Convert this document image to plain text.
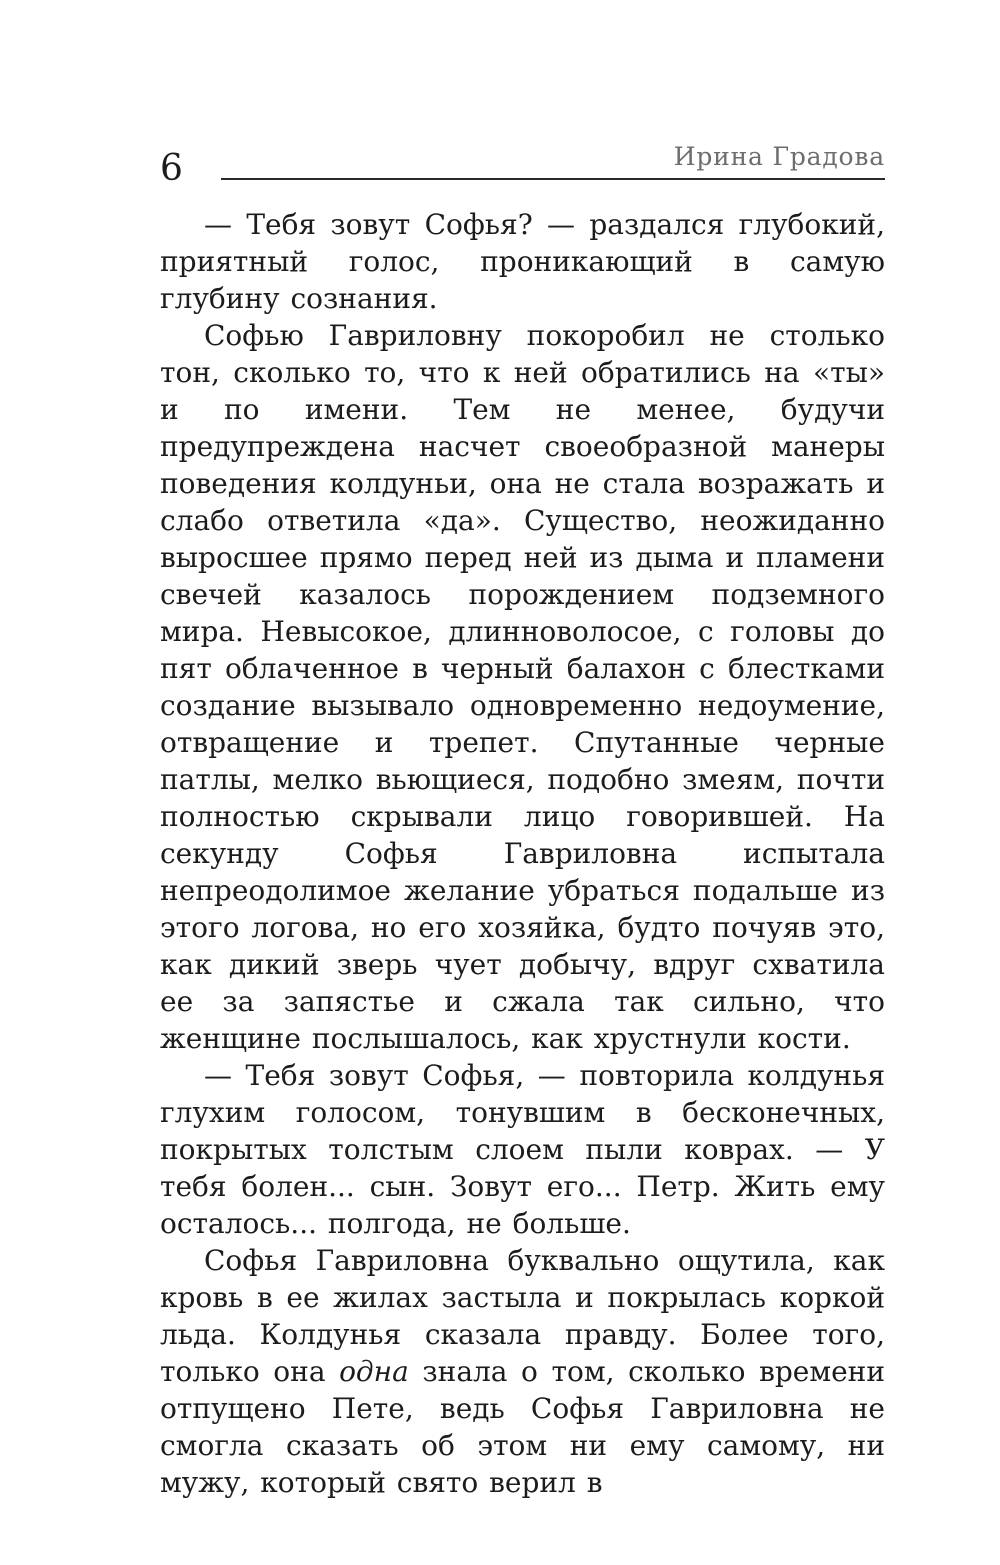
6	Ирина Градова

— Тебя зовут Софья? — раздался глубокий, приятный голос, проникающий в самую глубину сознания.

Софью Гавриловну покоробил не столько тон, сколько то, что к ней обратились на «ты» и по имени. Тем не менее, будучи предупреждена насчет своеобразной манеры поведения колдуньи, она не стала возражать и слабо ответила «да». Существо, неожиданно выросшее прямо перед ней из дыма и пламени свечей казалось порождением подземного мира. Невысокое, длинноволосое, с головы до пят облаченное в черный балахон с блестками создание вызывало одновременно недоумение, отвращение и трепет. Спутанные черные патлы, мелко вьющиеся, подобно змеям, почти полностью скрывали лицо говорившей. На секунду Софья Гавриловна испытала непреодолимое желание убраться подальше из этого логова, но его хозяйка, будто почуяв это, как дикий зверь чует добычу, вдруг схватила ее за запястье и сжала так сильно, что женщине послышалось, как хрустнули кости.

— Тебя зовут Софья, — повторила колдунья глухим голосом, тонувшим в бесконечных, покрытых толстым слоем пыли коврах. — У тебя болен... сын. Зовут его... Петр. Жить ему осталось... полгода, не больше.

Софья Гавриловна буквально ощутила, как кровь в ее жилах застыла и покрылась коркой льда. Колдунья сказала правду. Более того, только она одна знала о том, сколько времени отпущено Пете, ведь Софья Гавриловна не смогла сказать об этом ни ему самому, ни мужу, который свято верил в
